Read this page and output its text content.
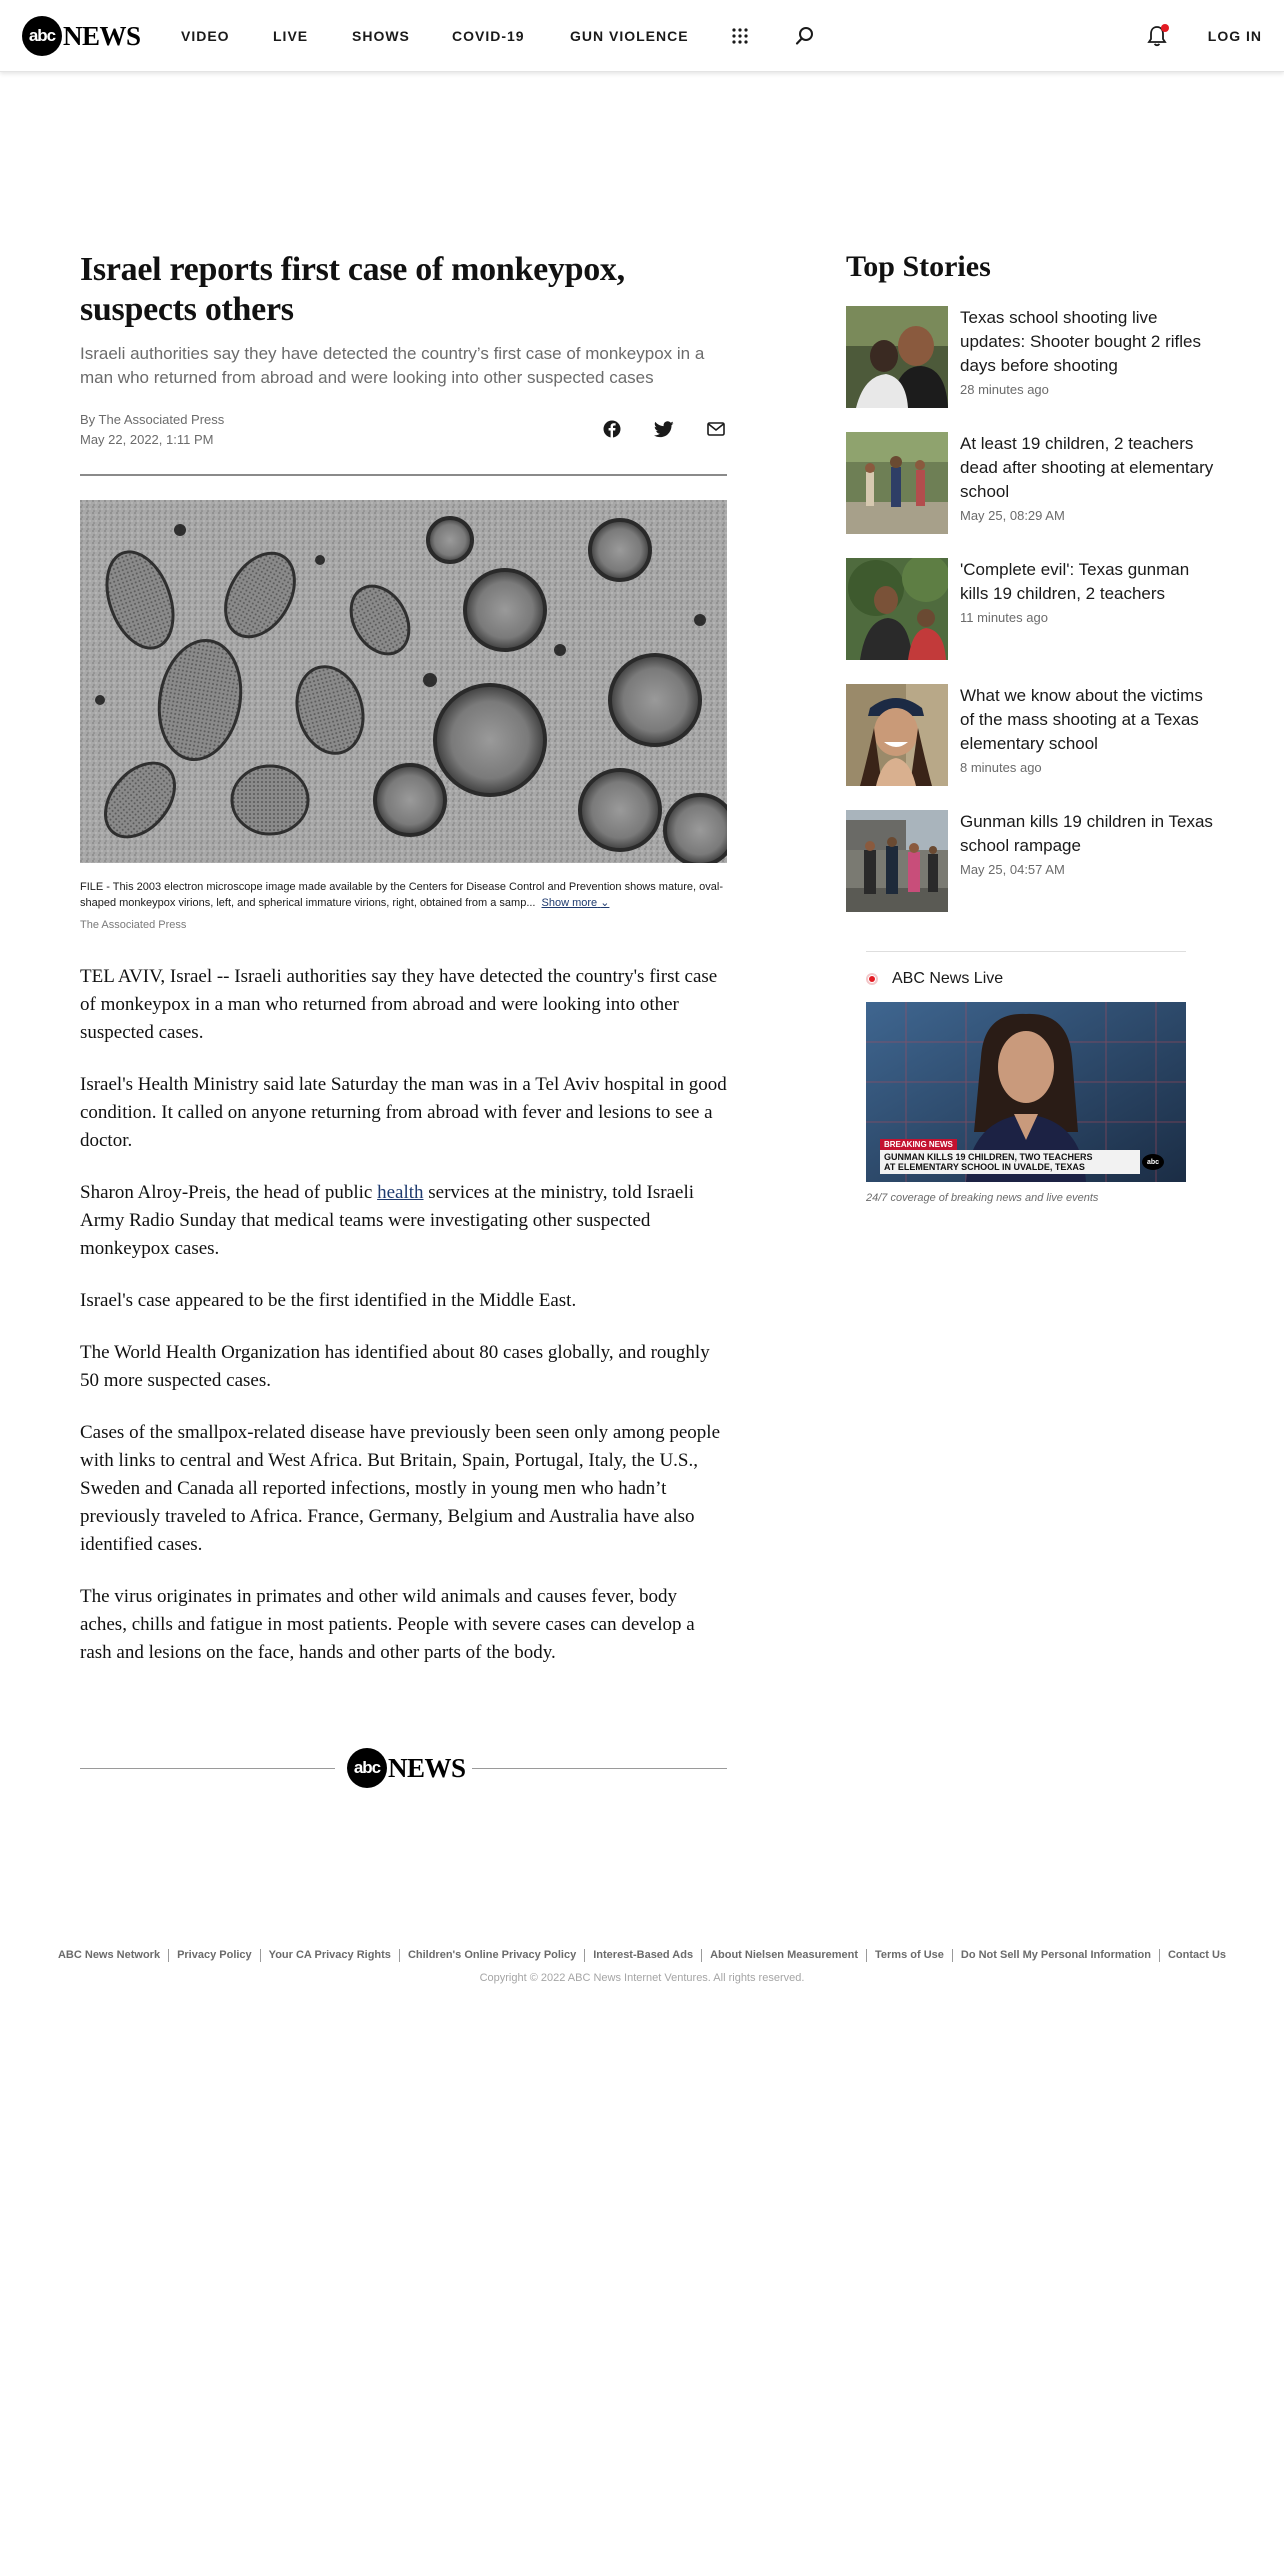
abc NEWS	VIDEO	LIVE	SHOWS	COVID-19	GUN VIOLENCE	LOG IN
Israel reports first case of monkeypox, suspects others

Israeli authorities say they have detected the country’s first case of monkeypox in a man who returned from abroad and were looking into other suspected cases

By The Associated Press
May 22, 2022, 1:11 PM
FILE - This 2003 electron microscope image made available by the Centers for Disease Control and Prevention shows mature, oval-shaped monkeypox virions, left, and spherical immature virions, right, obtained from a samp... Show more ⌄
The Associated Press

TEL AVIV, Israel -- Israeli authorities say they have detected the country's first case of monkeypox in a man who returned from abroad and were looking into other suspected cases.

Israel's Health Ministry said late Saturday the man was in a Tel Aviv hospital in good condition. It called on anyone returning from abroad with fever and lesions to see a doctor.

Sharon Alroy-Preis, the head of public health services at the ministry, told Israeli Army Radio Sunday that medical teams were investigating other suspected monkeypox cases.

Israel's case appeared to be the first identified in the Middle East.

The World Health Organization has identified about 80 cases globally, and roughly 50 more suspected cases.

Cases of the smallpox-related disease have previously been seen only among people with links to central and West Africa. But Britain, Spain, Portugal, Italy, the U.S., Sweden and Canada all reported infections, mostly in young men who hadn’t previously traveled to Africa. France, Germany, Belgium and Australia have also identified cases.

The virus originates in primates and other wild animals and causes fever, body aches, chills and fatigue in most patients. People with severe cases can develop a rash and lesions on the face, hands and other parts of the body.

abc NEWS
Top Stories
Texas school shooting live updates: Shooter bought 2 rifles days before shooting
28 minutes ago
At least 19 children, 2 teachers dead after shooting at elementary school
May 25, 08:29 AM
'Complete evil': Texas gunman kills 19 children, 2 teachers
11 minutes ago
What we know about the victims of the mass shooting at a Texas elementary school
8 minutes ago
Gunman kills 19 children in Texas school rampage
May 25, 04:57 AM
ABC News Live
BREAKING NEWS
GUNMAN KILLS 19 CHILDREN, TWO TEACHERS
AT ELEMENTARY SCHOOL IN UVALDE, TEXAS	abc
24/7 coverage of breaking news and live events
ABC News Network	Privacy Policy	Your CA Privacy Rights	Children's Online Privacy Policy	Interest-Based Ads	About Nielsen Measurement	Terms of Use	Do Not Sell My Personal Information	Contact Us
Copyright © 2022 ABC News Internet Ventures. All rights reserved.
